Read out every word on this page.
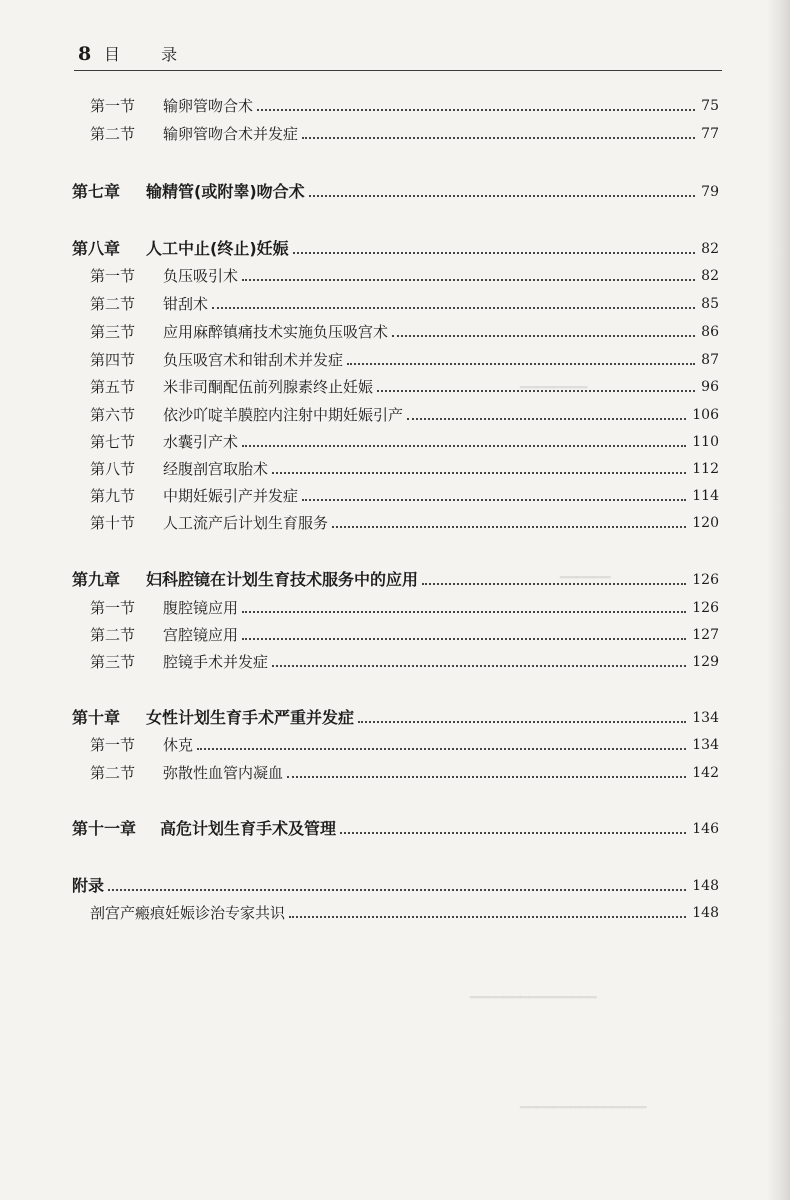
8 目 录
━━━━━━━━
━━━━━━
━━━━━━━━━━━━━━━
━━━━━━━━━━━━━━━
第一节	输卵管吻合术	75
第二节	输卵管吻合术并发症	77
第七章	输精管(或附睾)吻合术	79
第八章	人工中止(终止)妊娠	82
第一节	负压吸引术	82
第二节	钳刮术	85
第三节	应用麻醉镇痛技术实施负压吸宫术	86
第四节	负压吸宫术和钳刮术并发症	87
第五节	米非司酮配伍前列腺素终止妊娠	96
第六节	依沙吖啶羊膜腔内注射中期妊娠引产	106
第七节	水囊引产术	110
第八节	经腹剖宫取胎术	112
第九节	中期妊娠引产并发症	114
第十节	人工流产后计划生育服务	120
第九章	妇科腔镜在计划生育技术服务中的应用	126
第一节	腹腔镜应用	126
第二节	宫腔镜应用	127
第三节	腔镜手术并发症	129
第十章	女性计划生育手术严重并发症	134
第一节	休克	134
第二节	弥散性血管内凝血	142
第十一章	高危计划生育手术及管理	146
附录	148
剖宫产瘢痕妊娠诊治专家共识	148
